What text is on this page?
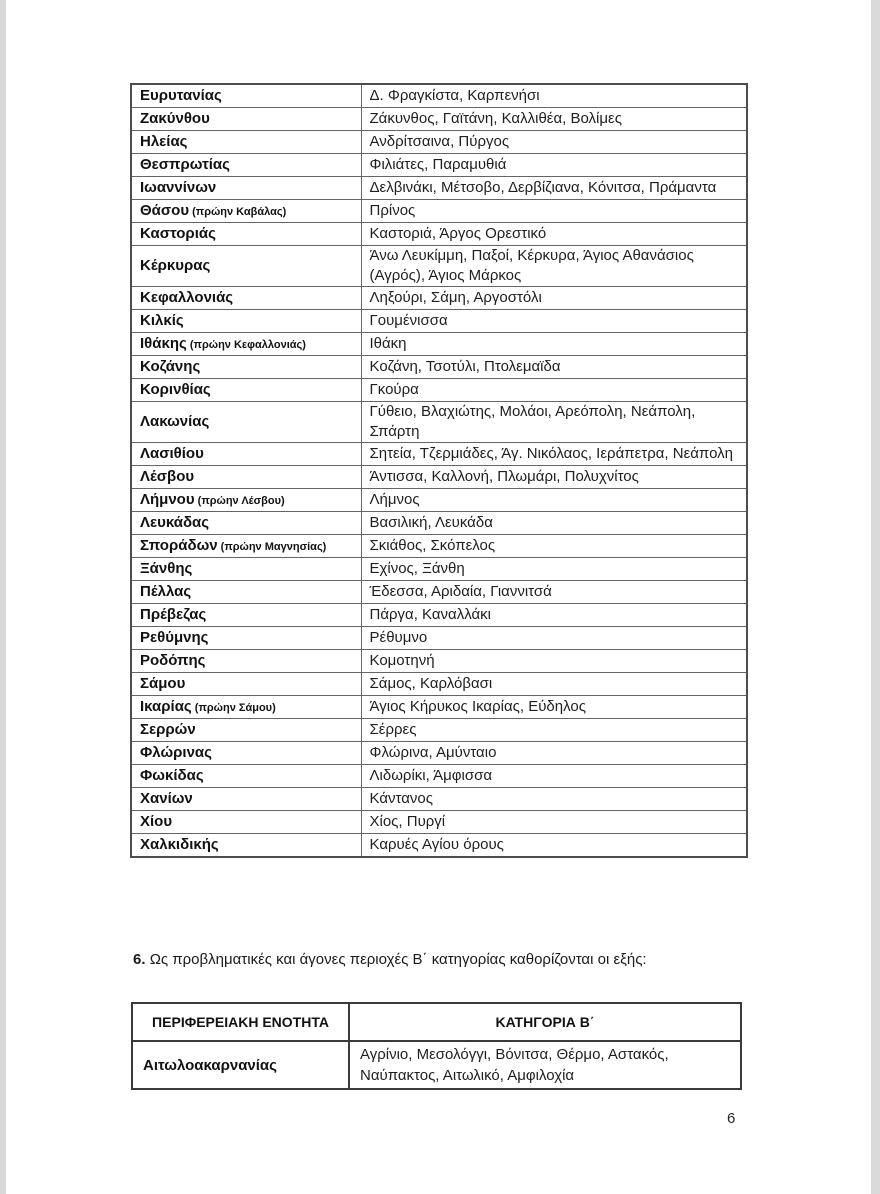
Ευρυτανίας	Δ. Φραγκίστα, Καρπενήσι
Ζακύνθου	Ζάκυνθος, Γαϊτάνη, Καλλιθέα, Βολίμες
Ηλείας	Ανδρίτσαινα, Πύργος
Θεσπρωτίας	Φιλιάτες, Παραμυθιά
Ιωαννίνων	Δελβινάκι, Μέτσοβο, Δερβίζιανα, Κόνιτσα, Πράμαντα
Θάσου (πρώην Καβάλας)	Πρίνος
Καστοριάς	Καστοριά, Άργος Ορεστικό
Κέρκυρας	Άνω Λευκίμμη, Παξοί, Κέρκυρα, Άγιος Αθανάσιος (Αγρός), Άγιος Μάρκος
Κεφαλλονιάς	Ληξούρι, Σάμη, Αργοστόλι
Κιλκίς	Γουμένισσα
Ιθάκης (πρώην Κεφαλλονιάς)	Ιθάκη
Κοζάνης	Κοζάνη, Τσοτύλι, Πτολεμαϊδα
Κορινθίας	Γκούρα
Λακωνίας	Γύθειο, Βλαχιώτης, Μολάοι, Αρεόπολη, Νεάπολη, Σπάρτη
Λασιθίου	Σητεία, Τζερμιάδες, Άγ. Νικόλαος, Ιεράπετρα, Νεάπολη
Λέσβου	Άντισσα, Καλλονή, Πλωμάρι, Πολυχνίτος
Λήμνου (πρώην Λέσβου)	Λήμνος
Λευκάδας	Βασιλική, Λευκάδα
Σποράδων (πρώην Μαγνησίας)	Σκιάθος, Σκόπελος
Ξάνθης	Εχίνος, Ξάνθη
Πέλλας	Έδεσσα, Αριδαία, Γιαννιτσά
Πρέβεζας	Πάργα, Καναλλάκι
Ρεθύμνης	Ρέθυμνο
Ροδόπης	Κομοτηνή
Σάμου	Σάμος, Καρλόβασι
Ικαρίας (πρώην Σάμου)	Άγιος Κήρυκος Ικαρίας, Εύδηλος
Σερρών	Σέρρες
Φλώρινας	Φλώρινα, Αμύνταιο
Φωκίδας	Λιδωρίκι, Άμφισσα
Χανίων	Κάντανος
Χίου	Χίος, Πυργί
Χαλκιδικής	Καρυές Αγίου όρους

6. Ως προβληματικές και άγονες περιοχές Β΄ κατηγορίας καθορίζονται οι εξής:

ΠΕΡΙΦΕΡΕΙΑΚΗ ΕΝΟΤΗΤΑ	ΚΑΤΗΓΟΡΙΑ Β΄
Αιτωλοακαρνανίας	Αγρίνιο, Μεσολόγγι, Βόνιτσα, Θέρμο, Αστακός, Ναύπακτος, Αιτωλικό, Αμφιλοχία
6
